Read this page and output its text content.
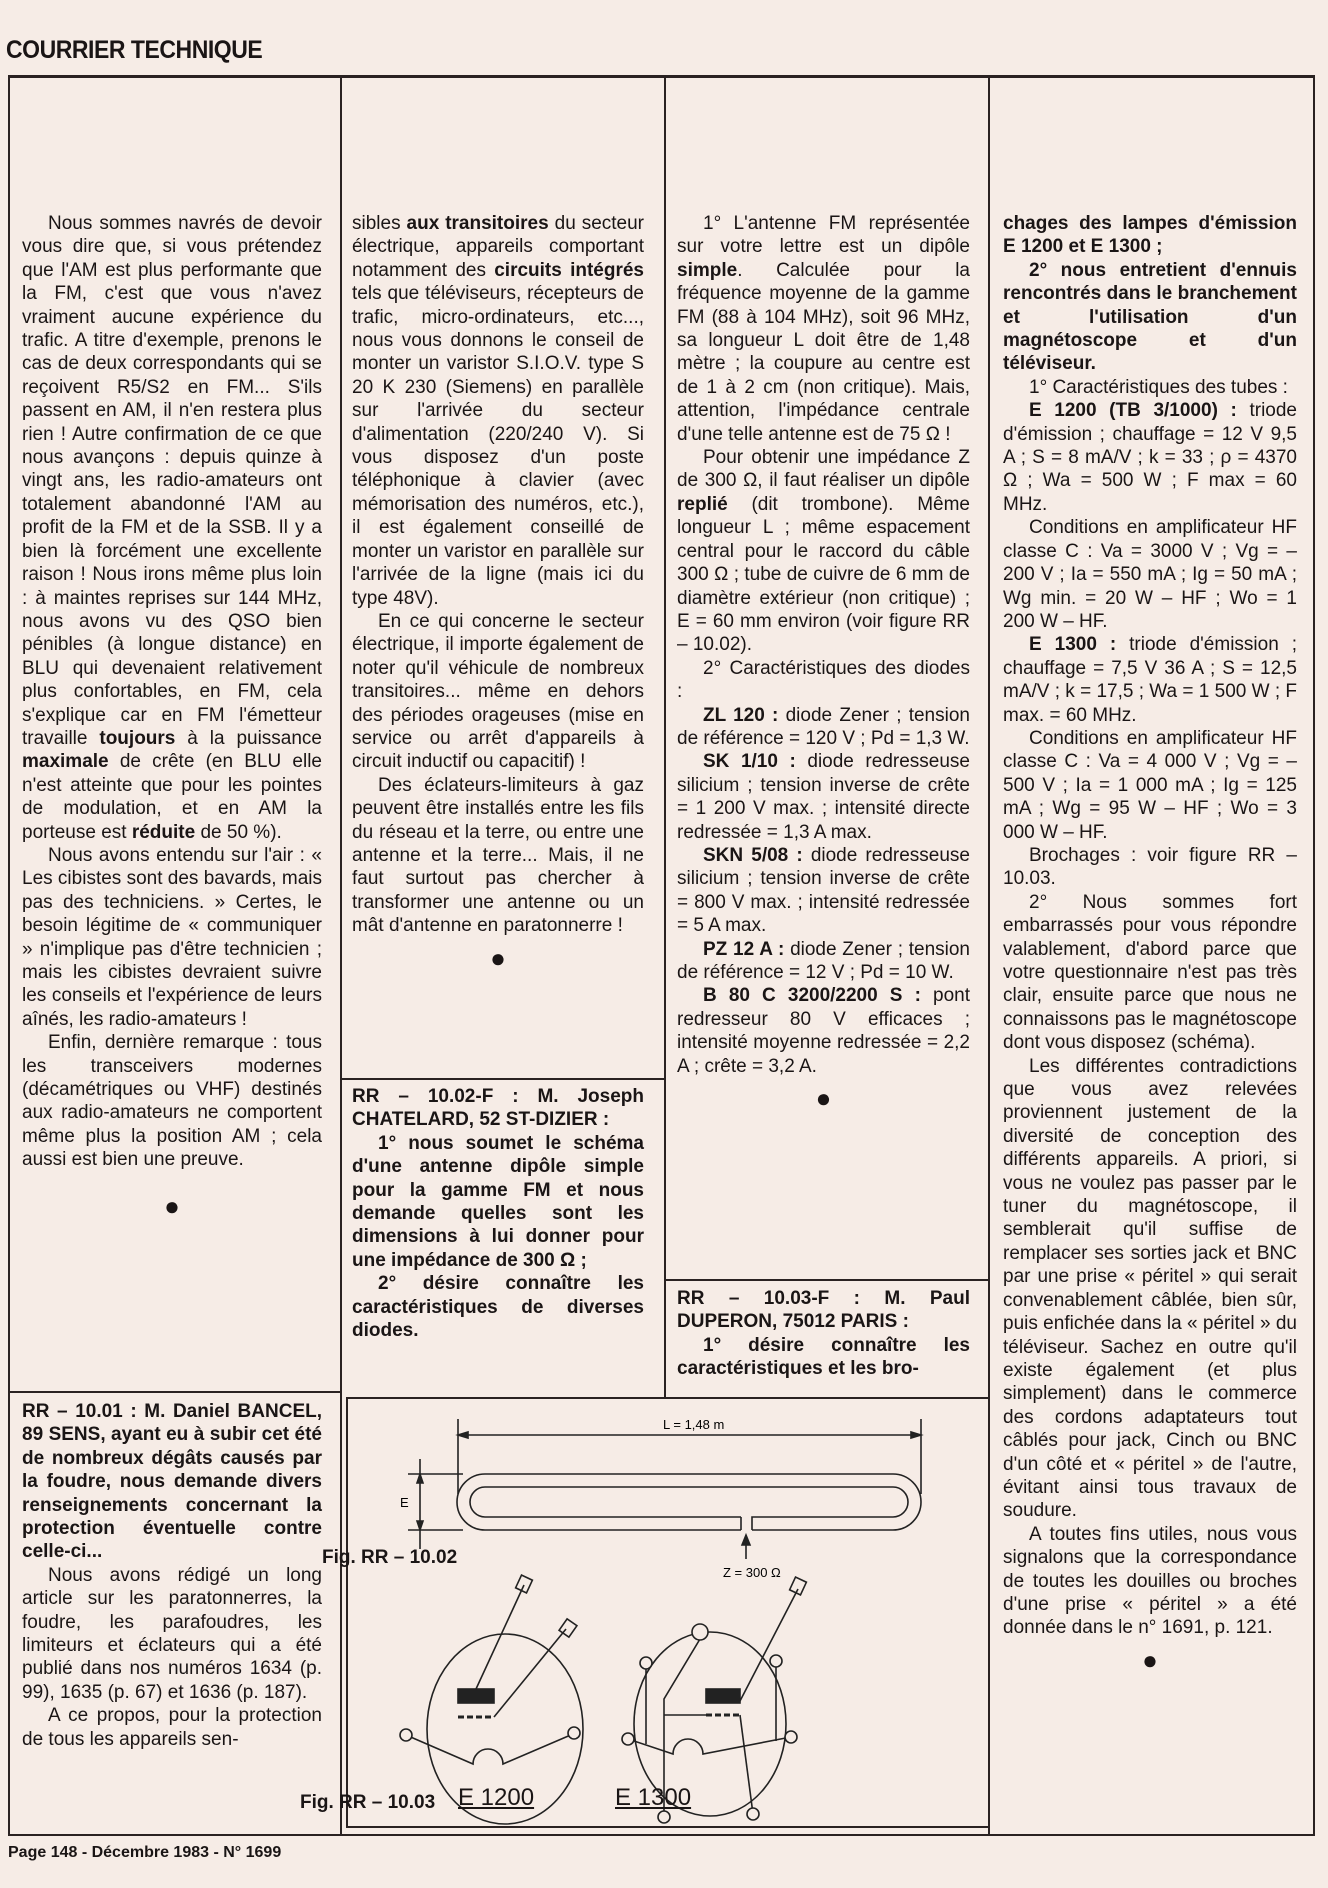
COURRIER TECHNIQUE

Nous sommes navrés de devoir vous dire que, si vous prétendez que l'AM est plus performante que la FM, c'est que vous n'avez vraiment aucune expérience du trafic. A titre d'exemple, prenons le cas de deux correspondants qui se reçoivent R5/S2 en FM... S'ils passent en AM, il n'en restera plus rien ! Autre confirmation de ce que nous avançons : depuis quinze à vingt ans, les radio-amateurs ont totalement abandonné l'AM au profit de la FM et de la SSB. Il y a bien là forcément une excellente raison ! Nous irons même plus loin : à maintes reprises sur 144 MHz, nous avons vu des QSO bien pénibles (à longue distance) en BLU qui devenaient relativement plus confortables, en FM, cela s'explique car en FM l'émetteur travaille toujours à la puissance maximale de crête (en BLU elle n'est atteinte que pour les pointes de modulation, et en AM la porteuse est réduite de 50 %).

Nous avons entendu sur l'air : « Les cibistes sont des bavards, mais pas des techniciens. » Certes, le besoin légitime de « communiquer » n'implique pas d'être technicien ; mais les cibistes devraient suivre les conseils et l'expérience de leurs aînés, les radio-amateurs !

Enfin, dernière remarque : tous les transceivers modernes (décamétriques ou VHF) destinés aux radio-amateurs ne comportent même plus la position AM ; cela aussi est bien une preuve.

●

RR – 10.01 : M. Daniel BANCEL, 89 SENS, ayant eu à subir cet été de nombreux dégâts causés par la foudre, nous demande divers renseignements concernant la protection éventuelle contre celle-ci...

Nous avons rédigé un long article sur les paratonnerres, la foudre, les parafoudres, les limiteurs et éclateurs qui a été publié dans nos numéros 1634 (p. 99), 1635 (p. 67) et 1636 (p. 187).

A ce propos, pour la protection de tous les appareils sen-

sibles aux transitoires du secteur électrique, appareils comportant notamment des circuits intégrés tels que téléviseurs, récepteurs de trafic, micro-ordinateurs, etc..., nous vous donnons le conseil de monter un varistor S.I.O.V. type S 20 K 230 (Siemens) en parallèle sur l'arrivée du secteur d'alimentation (220/240 V). Si vous disposez d'un poste téléphonique à clavier (avec mémorisation des numéros, etc.), il est également conseillé de monter un varistor en parallèle sur l'arrivée de la ligne (mais ici du type 48V).

En ce qui concerne le secteur électrique, il importe également de noter qu'il véhicule de nombreux transitoires... même en dehors des périodes orageuses (mise en service ou arrêt d'appareils à circuit inductif ou capacitif) !

Des éclateurs-limiteurs à gaz peuvent être installés entre les fils du réseau et la terre, ou entre une antenne et la terre... Mais, il ne faut surtout pas chercher à transformer une antenne ou un mât d'antenne en paratonnerre !

●

RR – 10.02-F : M. Joseph CHATELARD, 52 ST-DIZIER :

1° nous soumet le schéma d'une antenne dipôle simple pour la gamme FM et nous demande quelles sont les dimensions à lui donner pour une impédance de 300 Ω ;

2° désire connaître les caractéristiques de diverses diodes.

1° L'antenne FM représentée sur votre lettre est un dipôle simple. Calculée pour la fréquence moyenne de la gamme FM (88 à 104 MHz), soit 96 MHz, sa longueur L doit être de 1,48 mètre ; la coupure au centre est de 1 à 2 cm (non critique). Mais, attention, l'impédance centrale d'une telle antenne est de 75 Ω !

Pour obtenir une impédance Z de 300 Ω, il faut réaliser un dipôle replié (dit trombone). Même longueur L ; même espacement central pour le raccord du câble 300 Ω ; tube de cuivre de 6 mm de diamètre extérieur (non critique) ; E = 60 mm environ (voir figure RR – 10.02).

2° Caractéristiques des diodes :

ZL 120 : diode Zener ; tension de référence = 120 V ; Pd = 1,3 W.

SK 1/10 : diode redresseuse silicium ; tension inverse de crête = 1 200 V max. ; intensité directe redressée = 1,3 A max.

SKN 5/08 : diode redresseuse silicium ; tension inverse de crête = 800 V max. ; intensité redressée = 5 A max.

PZ 12 A : diode Zener ; tension de référence = 12 V ; Pd = 10 W.

B 80 C 3200/2200 S : pont redresseur 80 V efficaces ; intensité moyenne redressée = 2,2 A ; crête = 3,2 A.

●

RR – 10.03-F : M. Paul DUPERON, 75012 PARIS :

1° désire connaître les caractéristiques et les bro-

chages des lampes d'émission E 1200 et E 1300 ;

2° nous entretient d'ennuis rencontrés dans le branchement et l'utilisation d'un magnétoscope et d'un téléviseur.

1° Caractéristiques des tubes :

E 1200 (TB 3/1000) : triode d'émission ; chauffage = 12 V 9,5 A ; S = 8 mA/V ; k = 33 ; ρ = 4370 Ω ; Wa = 500 W ; F max = 60 MHz.

Conditions en amplificateur HF classe C : Va = 3000 V ; Vg = –200 V ; Ia = 550 mA ; Ig = 50 mA ; Wg min. = 20 W – HF ; Wo = 1 200 W – HF.

E 1300 : triode d'émission ; chauffage = 7,5 V 36 A ; S = 12,5 mA/V ; k = 17,5 ; Wa = 1 500 W ; F max. = 60 MHz.

Conditions en amplificateur HF classe C : Va = 4 000 V ; Vg = –500 V ; Ia = 1 000 mA ; Ig = 125 mA ; Wg = 95 W – HF ; Wo = 3 000 W – HF.

Brochages : voir figure RR –10.03.

2° Nous sommes fort embarrassés pour vous répondre valablement, d'abord parce que votre questionnaire n'est pas très clair, ensuite parce que nous ne connaissons pas le magnétoscope dont vous disposez (schéma).

Les différentes contradictions que vous avez relevées proviennent justement de la diversité de conception des différents appareils. A priori, si vous ne voulez pas passer par le tuner du magnétoscope, il semblerait qu'il suffise de remplacer ses sorties jack et BNC par une prise « péritel » qui serait convenablement câblée, bien sûr, puis enfichée dans la « péritel » du téléviseur. Sachez en outre qu'il existe également (et plus simplement) dans le commerce des cordons adaptateurs tout câblés pour jack, Cinch ou BNC d'un côté et « péritel » de l'autre, évitant ainsi tous travaux de soudure.

A toutes fins utiles, nous vous signalons que la correspondance de toutes les douilles ou broches d'une prise « péritel » a été donnée dans le n° 1691, p. 121.

●
L = 1,48 m
E
Z = 300 Ω
Fig. RR – 10.02
Fig. RR – 10.03 E 1200	E 1300
Page 148 - Décembre 1983 - N° 1699
